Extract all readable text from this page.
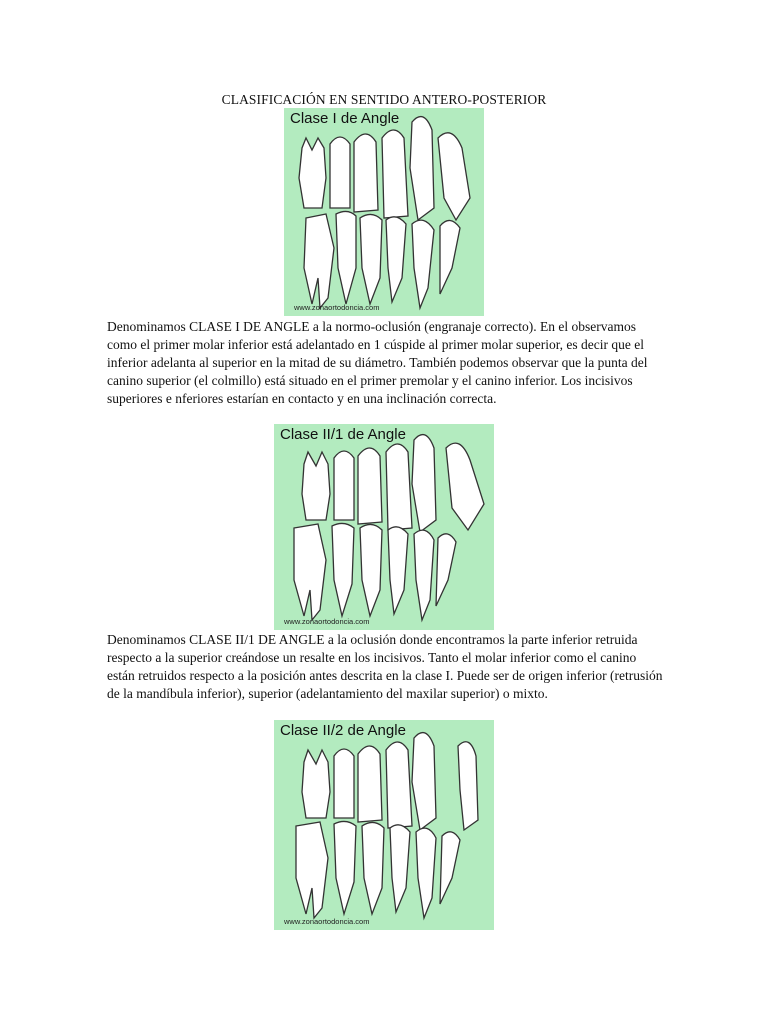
CLASIFICACIÓN EN SENTIDO ANTERO-POSTERIOR
Clase I de Angle
www.zonaortodoncia.com
Denominamos CLASE I DE ANGLE a la normo-oclusión (engranaje correcto). En el observamos como el primer molar inferior está adelantado en 1 cúspide al primer molar superior, es decir que el inferior adelanta al superior en la mitad de su diámetro. También podemos observar que la punta del canino superior (el colmillo) está situado en el primer premolar y el canino inferior. Los incisivos superiores e nferiores estarían en contacto y en una inclinación correcta.
Clase II/1 de Angle
www.zonaortodoncia.com
Denominamos CLASE II/1 DE ANGLE a la oclusión donde encontramos la parte inferior retruida respecto a la superior creándose un resalte en los incisivos. Tanto el molar inferior como el canino están retruidos respecto a la posición antes descrita en la clase I. Puede ser de origen inferior (retrusión de la mandíbula inferior), superior (adelantamiento del maxilar superior) o mixto.
Clase II/2 de Angle
www.zonaortodoncia.com
